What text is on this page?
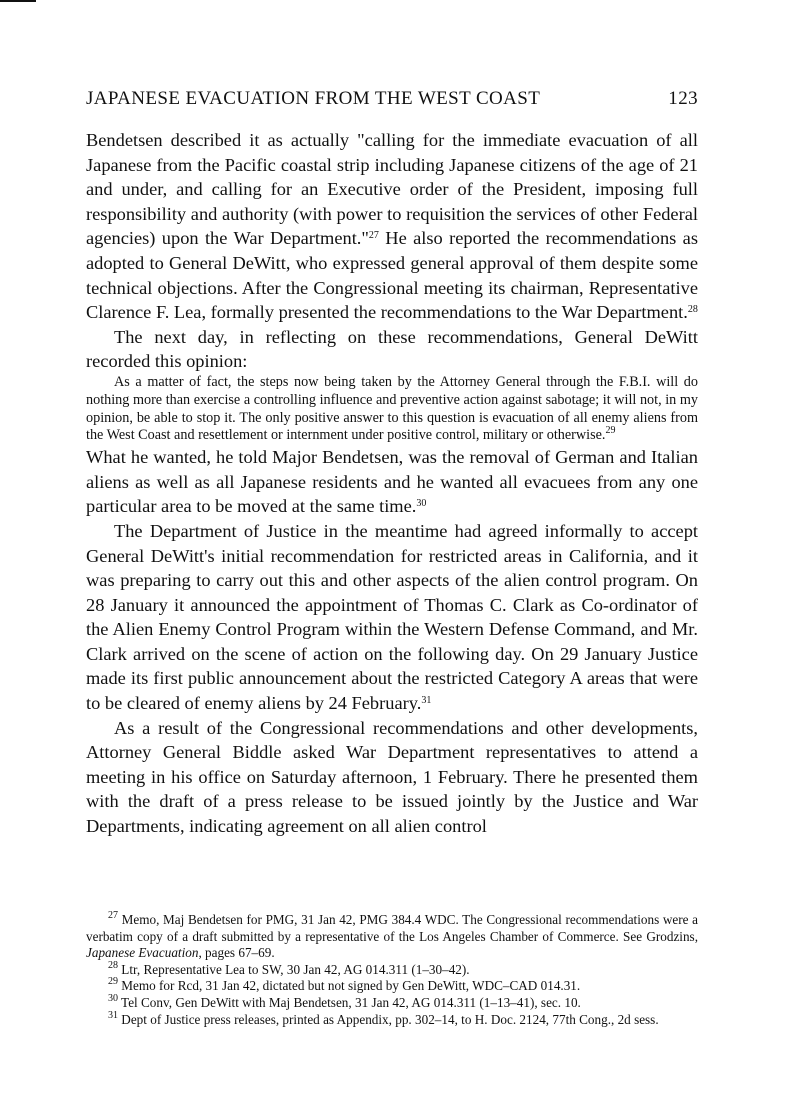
JAPANESE EVACUATION FROM THE WEST COAST	123

Bendetsen described it as actually "calling for the immediate evacuation of all Japanese from the Pacific coastal strip including Japanese citizens of the age of 21 and under, and calling for an Executive order of the President, imposing full responsibility and authority (with power to requisition the services of other Federal agencies) upon the War Department."$^{27}$ He also reported the recommendations as adopted to General DeWitt, who expressed general approval of them despite some technical objections. After the Congressional meeting its chairman, Representative Clarence F. Lea, formally presented the recommendations to the War Department.$^{28}$

The next day, in reflecting on these recommendations, General DeWitt recorded this opinion:

As a matter of fact, the steps now being taken by the Attorney General through the F.B.I. will do nothing more than exercise a controlling influence and preventive action against sabotage; it will not, in my opinion, be able to stop it. The only positive answer to this question is evacuation of all enemy aliens from the West Coast and resettlement or internment under positive control, military or otherwise.$^{29}$

What he wanted, he told Major Bendetsen, was the removal of German and Italian aliens as well as all Japanese residents and he wanted all evacuees from any one particular area to be moved at the same time.$^{30}$

The Department of Justice in the meantime had agreed informally to accept General DeWitt's initial recommendation for restricted areas in California, and it was preparing to carry out this and other aspects of the alien control program. On 28 January it announced the appointment of Thomas C. Clark as Co-ordinator of the Alien Enemy Control Program within the Western Defense Command, and Mr. Clark arrived on the scene of action on the following day. On 29 January Justice made its first public announcement about the restricted Category A areas that were to be cleared of enemy aliens by 24 February.$^{31}$

As a result of the Congressional recommendations and other developments, Attorney General Biddle asked War Department representatives to attend a meeting in his office on Saturday afternoon, 1 February. There he presented them with the draft of a press release to be issued jointly by the Justice and War Departments, indicating agreement on all alien control

$^{27}$ Memo, Maj Bendetsen for PMG, 31 Jan 42, PMG 384.4 WDC. The Congressional recommendations were a verbatim copy of a draft submitted by a representative of the Los Angeles Chamber of Commerce. See Grodzins, Japanese Evacuation, pages 67–69.

$^{28}$ Ltr, Representative Lea to SW, 30 Jan 42, AG 014.311 (1–30–42).

$^{29}$ Memo for Rcd, 31 Jan 42, dictated but not signed by Gen DeWitt, WDC–CAD 014.31.

$^{30}$ Tel Conv, Gen DeWitt with Maj Bendetsen, 31 Jan 42, AG 014.311 (1–13–41), sec. 10.

$^{31}$ Dept of Justice press releases, printed as Appendix, pp. 302–14, to H. Doc. 2124, 77th Cong., 2d sess.
